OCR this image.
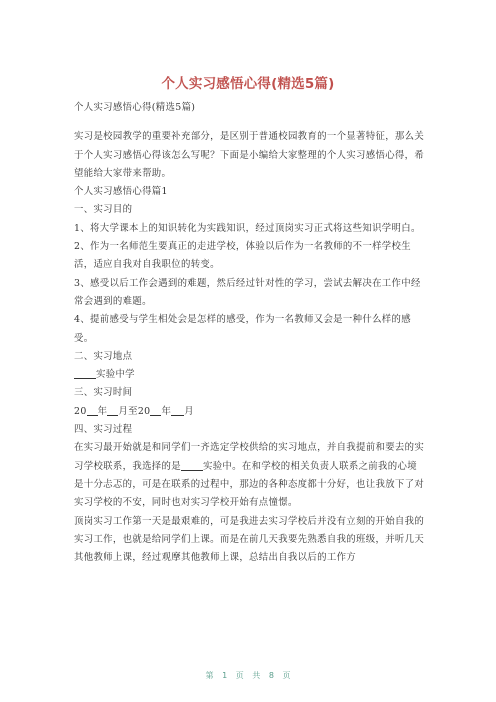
个人实习感悟心得(精选5篇)

个人实习感悟心得(精选5篇)

实习是校园教学的重要补充部分，是区别于普通校园教育的一个显著特征，那么关于个人实习感悟心得该怎么写呢？下面是小编给大家整理的个人实习感悟心得，希望能给大家带来帮助。

个人实习感悟心得篇1

一、实习目的

1、将大学课本上的知识转化为实践知识，经过顶岗实习正式将这些知识学明白。

2、作为一名师范生要真正的走进学校，体验以后作为一名教师的不一样学校生活，适应自我对自我职位的转变。

3、感受以后工作会遇到的难题，然后经过针对性的学习，尝试去解决在工作中经常会遇到的难题。

4、提前感受与学生相处会是怎样的感受，作为一名教师又会是一种什么样的感受。

二、实习地点

实验中学

三、实习时间

20 年 月至20 年 月

四、实习过程

在实习最开始就是和同学们一齐选定学校供给的实习地点，并自我提前和要去的实习学校联系，我选择的是 实验中。在和学校的相关负责人联系之前我的心境是十分忐忑的，可是在联系的过程中，那边的各种态度都十分好，也让我放下了对实习学校的不安，同时也对实习学校开始有点憧憬。

顶岗实习工作第一天是最艰难的，可是我进去实习学校后并没有立刻的开始自我的实习工作，也就是给同学们上课。而是在前几天我要先熟悉自我的班级，并听几天其他教师上课，经过观摩其他教师上课，总结出自我以后的工作方

第 1 页 共 8 页
